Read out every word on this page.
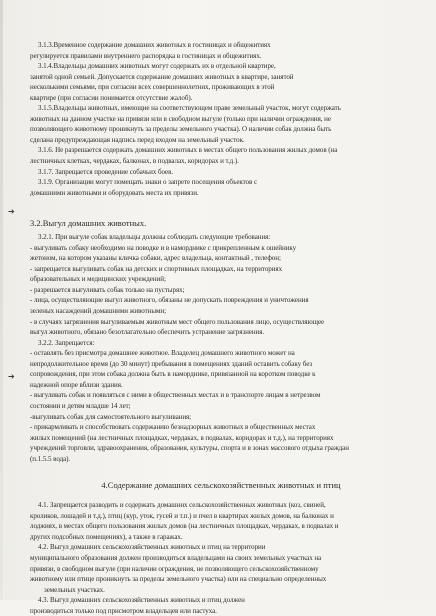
3.1.3.Временное содержание домашних животных в гостиницах и общежитиях
регулируется правилами внутреннего распорядка в гостиницах и общежитиях.
3.1.4.Владельцы домашних животных могут содержать их в отдельной квартире,
занятой одной семьей. Допускается содержание домашних животных в квартире, занятой
несколькими семьями, при согласии всех совершеннолетних, проживающих в этой
квартире (при согласии понимается отсутствие жалоб).
3.1.5.Владельцы животных, имеющие на соответствующем праве земельный участок, могут содержать
животных на данном участке на привязи или в свободном выгуле (только при наличии ограждения, не
позволяющего животному проникнуть за пределы земельного участка). О наличии собак должна быть
сделана предупреждающая надпись перед входом на земельный участок.
3.1.6. Не разрешается содержать домашних животных в местах общего пользования жилых домов (на
лестничных клетках, чердаках, балконах, в подвалах, коридорах и т.д.).
3.1.7. Запрещается проведение собачьих боев.
3.1.9. Организации могут помещать знаки о запрете посещения объектов с
домашними животными и оборудовать места их привязи.
3.2.Выгул домашних животных.
3.2.1. При выгуле собак владельцы должны соблюдать следующие требования:
- выгуливать собаку необходимо на поводке и в наморднике с прикрепленным к ошейнику
жетоном, на котором указаны кличка собаки, адрес владельца, контактный , телефон;
- запрещается выгуливать собак на детских и спортивных площадках, на территориях
образовательных и медицинских учреждений;
- разрешается выгуливать собак только на пустырях;
- лица, осуществляющие выгул животного, обязаны не допускать повреждения и уничтожения
зеленых насаждений домашними животными;
- в случаях загрязнения выгуливаемым животным мест общего пользования лицо, осуществляющее
выгул животного, обязано безотлагательно обеспечить устранение загрязнения.
3.2.2. Запрещается:
- оставлять без присмотра домашнее животное. Владелец домашнего животного может на
непродолжительное время (до 30 минут) пребывания в помещениях зданий оставить собаку без
сопровождения, при этом собака должна быть в наморднике, привязанной на коротком поводке к
надежной опоре вблизи здания.
- выгуливать собак и появляться с ними в общественных местах и в транспорте лицам в нетрезвом
состоянии и детям младше 14 лет;
-выгуливать собак для самостоятельного выгуливания;
- прикармливать и способствовать содержанию безнадзорных животных в общественных местах
жилых помещений (на лестничных площадках, чердаках, в подвалах, коридорах и т.д.), на территориях
учреждений торговли, здравоохранения, образования, культуры, спорта и в зонах массового отдыха граждан
(п.1.5.5 вода).
4.Содержание домашних сельскохозяйственных животных и птиц
4.1. Запрещается разводить и содержать домашних сельскохозяйственных животных (коз, свиней,
кроликов, лошадей и т.д.), птиц (кур, уток, гусей и т.п.) и пчел в квартирах жилых домов, на балконах и
лоджиях, в местах общего пользования жилых домов (на лестничных площадках, чердаках, в подвалах и
других подсобных помещениях), а также в гаражах.
4.2. Выгул домашних сельскохозяйственных животных и птиц на территории
муниципального образования должен производиться владельцами на своих земельных участках на
привязи, в свободном выгуле (при наличии ограждения, не позволяющего сельскохозяйственному
животному или птице проникнуть за пределы земельного участка) или на специально определенных
земельных участках.
4.3. Выгул домашних сельскохозяйственных животных и птиц должен
производиться только под присмотром владельцев или пастуха.
➔
➔
